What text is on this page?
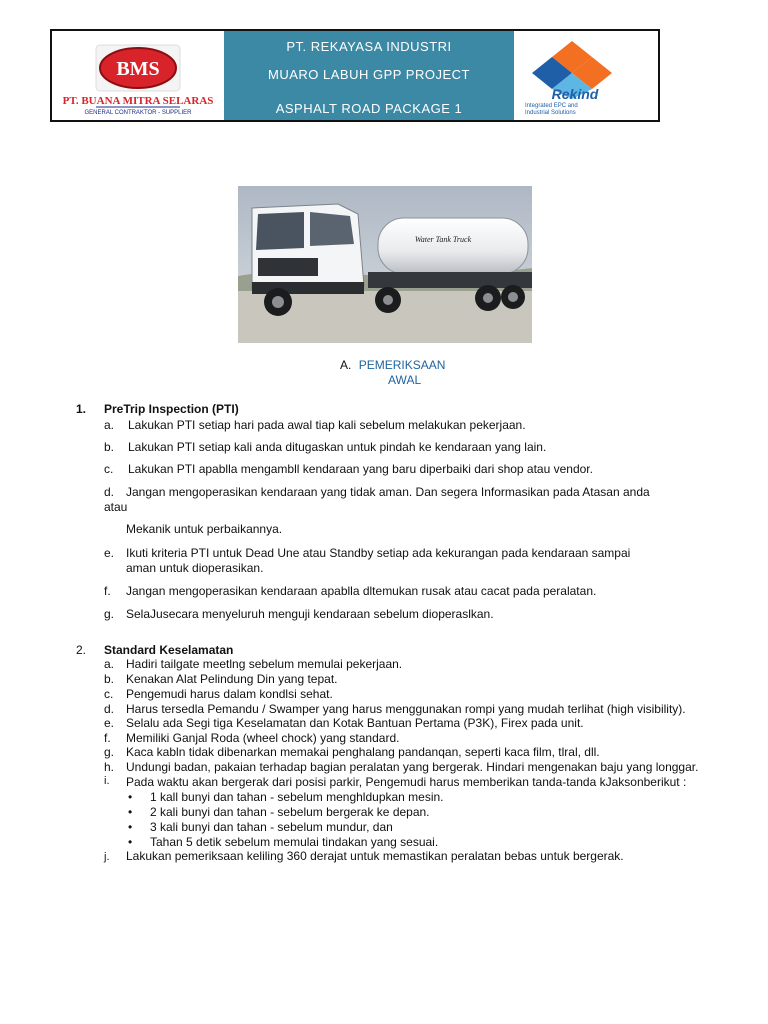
BMS
PT. BUANA MITRA SELARAS
GENERAL CONTRAKTOR - SUPPLIER
PT. REKAYASA INDUSTRI
MUARO LABUH GPP PROJECT
ASPHALT ROAD PACKAGE 1
Rekind
Integrated EPC and
Industrial Solutions
Water Tank Truck
A. PEMERIKSAAN
AWAL
1. PreTrip Inspection (PTI)
a. Lakukan PTI setiap hari pada awal tiap kali sebelum melakukan pekerjaan.
b. Lakukan PTI setiap kali anda ditugaskan untuk pindah ke kendaraan yang lain.
c. Lakukan PTI apablla mengambll kendaraan yang baru diperbaiki dari shop atau vendor.
d. Jangan mengoperasikan kendaraan yang tidak aman. Dan segera Informasikan pada Atasan anda
atau
Mekanik untuk perbaikannya.
e. Ikuti kriteria PTI untuk Dead Une atau Standby setiap ada kekurangan pada kendaraan sampai
aman untuk dioperasikan.
f. Jangan mengoperasikan kendaraan apablla dltemukan rusak atau cacat pada peralatan.
g. SelaJusecara menyeluruh menguji kendaraan sebelum dioperaslkan.
2. Standard Keselamatan
a. Hadiri tailgate meetlng sebelum memulai pekerjaan.
b. Kenakan Alat Pelindung Din yang tepat.
c. Pengemudi harus dalam kondlsi sehat.
d. Harus tersedla Pemandu / Swamper yang harus menggunakan rompi yang mudah terlihat (high visibility).
e. Selalu ada Segi tiga Keselamatan dan Kotak Bantuan Pertama (P3K), Firex pada unit.
f. Memiliki Ganjal Roda (wheel chock) yang standard.
g. Kaca kabln tidak dibenarkan memakai penghalang pandanqan, seperti kaca film, tlral, dll.
h. Undungi badan, pakaian terhadap bagian peralatan yang bergerak. Hindari mengenakan baju yang longgar.
i. Pada waktu akan bergerak dari posisi parkir, Pengemudi harus memberikan tanda-tanda kJaksonberikut :
• 1 kall bunyi dan tahan - sebelum menghldupkan mesin.
• 2 kali bunyi dan tahan - sebelum bergerak ke depan.
• 3 kali bunyi dan tahan - sebelum mundur, dan
• Tahan 5 detik sebelum memulai tindakan yang sesuai.
j. Lakukan pemeriksaan keliling 360 derajat untuk memastikan peralatan bebas untuk bergerak.
